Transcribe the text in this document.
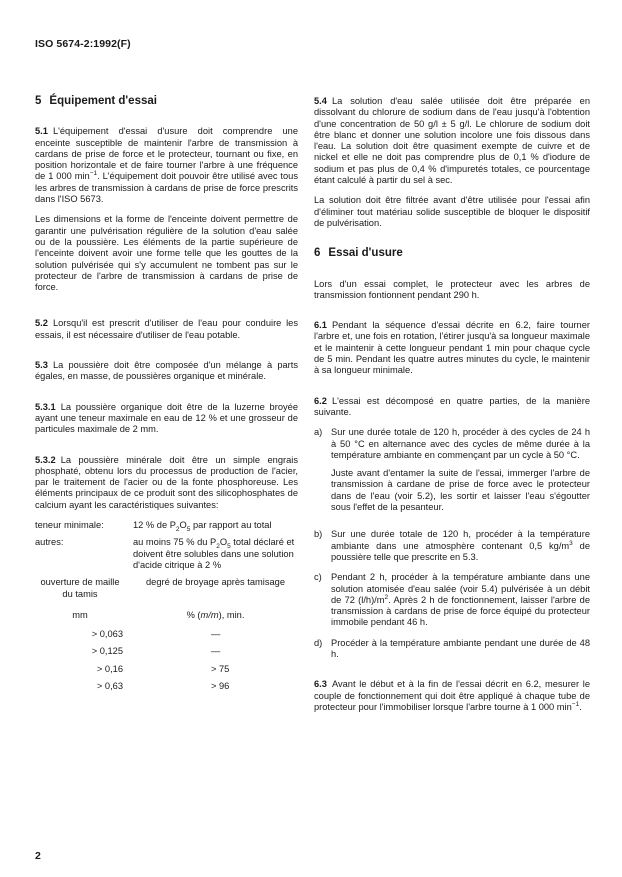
ISO 5674-2:1992(F)
5 Équipement d'essai

5.1 L'équipement d'essai d'usure doit comprendre une enceinte susceptible de maintenir l'arbre de transmission à cardans de prise de force et le protecteur, tournant ou fixe, en position horizontale et de faire tourner l'arbre à une fréquence de 1 000 $\min^{-1}$. L'équipement doit pouvoir être utilisé avec tous les arbres de transmission à cardans de prise de force prescrits dans l'ISO 5673.

Les dimensions et la forme de l'enceinte doivent permettre de garantir une pulvérisation régulière de la solution d'eau salée ou de la poussière. Les éléments de la partie supérieure de l'enceinte doivent avoir une forme telle que les gouttes de la solution pulvérisée qui s'y accumulent ne tombent pas sur le protecteur de l'arbre de transmission à cardans de prise de force.

5.2 Lorsqu'il est prescrit d'utiliser de l'eau pour conduire les essais, il est nécessaire d'utiliser de l'eau potable.

5.3 La poussière doit être composée d'un mélange à parts égales, en masse, de poussières organique et minérale.

5.3.1 La poussière organique doit être de la luzerne broyée ayant une teneur maximale en eau de 12 % et une grosseur de particules maximale de 2 mm.

5.3.2 La poussière minérale doit être un simple engrais phosphaté, obtenu lors du processus de production de l'acier, par le traitement de l'acier ou de la fonte phosphoreuse. Les éléments principaux de ce produit sont des silicophosphates de calcium ayant les caractéristiques suivantes:

teneur minimale:	12 % de $P_2O_5$ par rapport au total
autres:	au moins 75 % du $P_2O_5$ total déclaré et doivent être solubles dans une solution d'acide citrique à 2 %
ouverture de maille du tamis	degré de broyage après tamisage
mm	% (m/m), min.
> 0,063	—
> 0,125	—
> 0,16	> 75
> 0,63	> 96

5.4 La solution d'eau salée utilisée doit être préparée en dissolvant du chlorure de sodium dans de l'eau jusqu'à l'obtention d'une concentration de 50 g/l ± 5 g/l. Le chlorure de sodium doit être blanc et donner une solution incolore une fois dissous dans l'eau. La solution doit être quasiment exempte de cuivre et de nickel et elle ne doit pas comprendre plus de 0,1 % d'iodure de sodium et pas plus de 0,4 % d'impuretés totales, ce pourcentage étant calculé à partir du sel à sec.

La solution doit être filtrée avant d'être utilisée pour l'essai afin d'éliminer tout matériau solide susceptible de bloquer le dispositif de pulvérisation.

6 Essai d'usure

Lors d'un essai complet, le protecteur avec les arbres de transmission fontionnent pendant 290 h.

6.1 Pendant la séquence d'essai décrite en 6.2, faire tourner l'arbre et, une fois en rotation, l'étirer jusqu'à sa longueur maximale et le maintenir à cette longueur pendant 1 min pour chaque cycle de 5 min. Pendant les quatre autres minutes du cycle, le maintenir à sa longueur minimale.

6.2 L'essai est décomposé en quatre parties, de la manière suivante.

a) Sur une durée totale de 120 h, procéder à des cycles de 24 h à 50 °C en alternance avec des cycles de même durée à la température ambiante en commençant par un cycle à 50 °C.

Juste avant d'entamer la suite de l'essai, immerger l'arbre de transmission à cardane de prise de force avec le protecteur dans de l'eau (voir 5.2), les sortir et laisser l'eau s'égoutter sous l'effet de la pesanteur.

b) Sur une durée totale de 120 h, procéder à la température ambiante dans une atmosphère contenant 0,5 $kg/m^3$ de poussière telle que prescrite en 5.3.
c) Pendant 2 h, procéder à la température ambiante dans une solution atomisée d'eau salée (voir 5.4) pulvérisée à un débit de 72 $(l/h)/m^2$. Après 2 h de fonctionnement, laisser l'arbre de transmission à cardans de prise de force équipé du protecteur immobile pendant 46 h.
d) Procéder à la température ambiante pendant une durée de 48 h.

6.3 Avant le début et à la fin de l'essai décrit en 6.2, mesurer le couple de fonctionnement qui doit être appliqué à chaque tube de protecteur pour l'immobiliser lorsque l'arbre tourne à 1 000 $\min^{-1}$.

2
